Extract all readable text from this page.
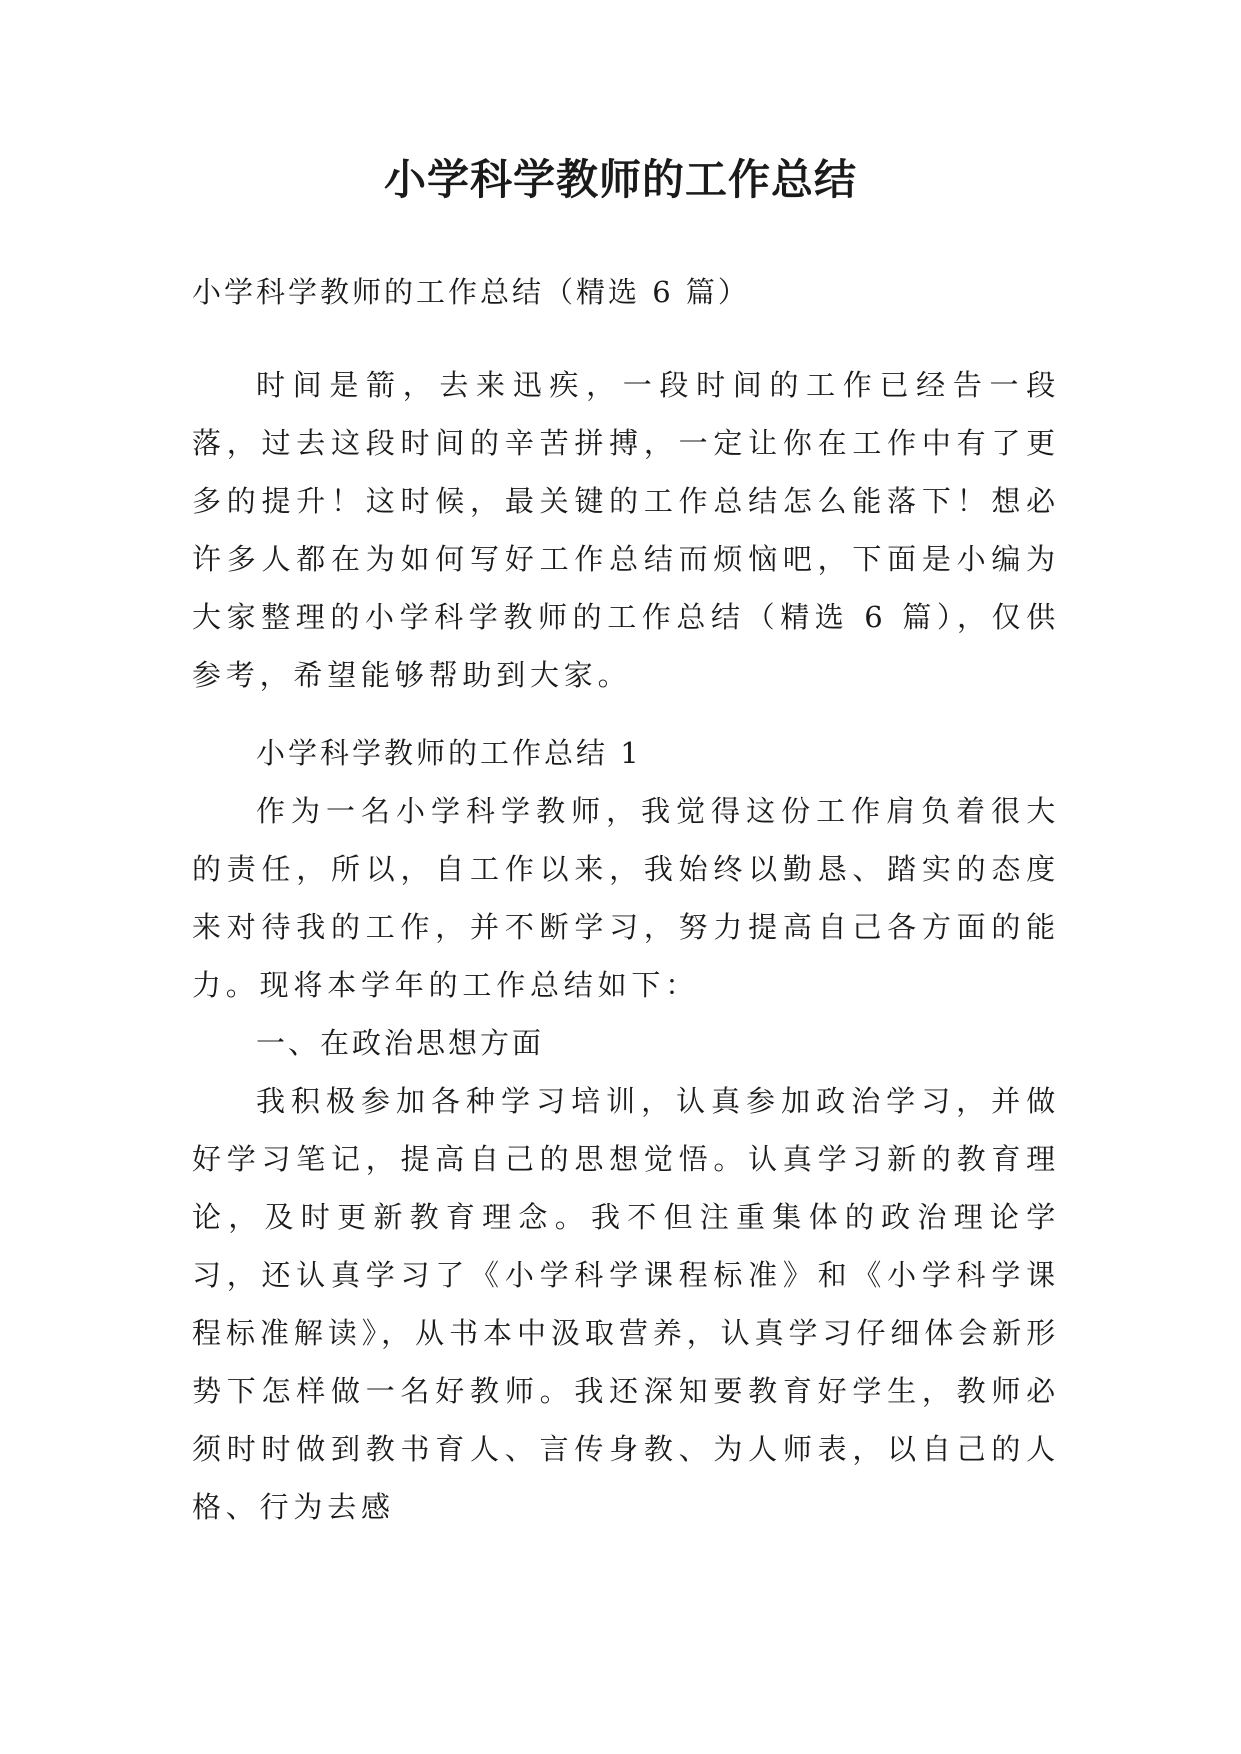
小学科学教师的工作总结
小学科学教师的工作总结（精选 6 篇）

时间是箭，去来迅疾，一段时间的工作已经告一段落，过去这段时间的辛苦拼搏，一定让你在工作中有了更多的提升！这时候，最关键的工作总结怎么能落下！想必许多人都在为如何写好工作总结而烦恼吧，下面是小编为大家整理的小学科学教师的工作总结（精选 6 篇），仅供参考，希望能够帮助到大家。

小学科学教师的工作总结 1

作为一名小学科学教师，我觉得这份工作肩负着很大的责任，所以，自工作以来，我始终以勤恳、踏实的态度来对待我的工作，并不断学习，努力提高自己各方面的能力。现将本学年的工作总结如下：

一、在政治思想方面

我积极参加各种学习培训，认真参加政治学习，并做好学习笔记，提高自己的思想觉悟。认真学习新的教育理论，及时更新教育理念。我不但注重集体的政治理论学习，还认真学习了《小学科学课程标准》和《小学科学课程标准解读》，从书本中汲取营养，认真学习仔细体会新形势下怎样做一名好教师。我还深知要教育好学生，教师必须时时做到教书育人、言传身教、为人师表，以自己的人格、行为去感
